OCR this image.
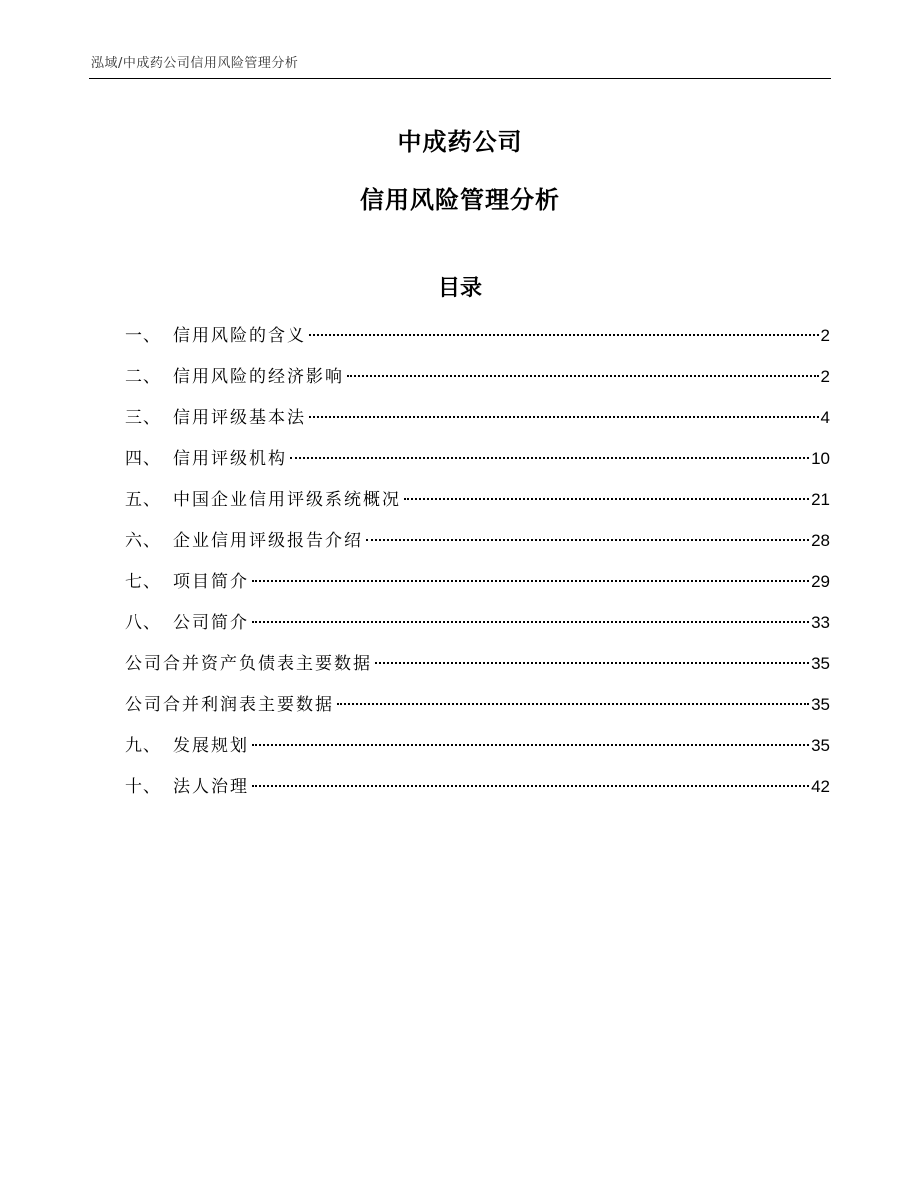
泓域/中成药公司信用风险管理分析
中成药公司
信用风险管理分析
目录
一、 信用风险的含义	2
二、 信用风险的经济影响	2
三、 信用评级基本法	4
四、 信用评级机构	10
五、 中国企业信用评级系统概况	21
六、 企业信用评级报告介绍	28
七、 项目简介	29
八、 公司简介	33
公司合并资产负债表主要数据	35
公司合并利润表主要数据	35
九、 发展规划	35
十、 法人治理	42
